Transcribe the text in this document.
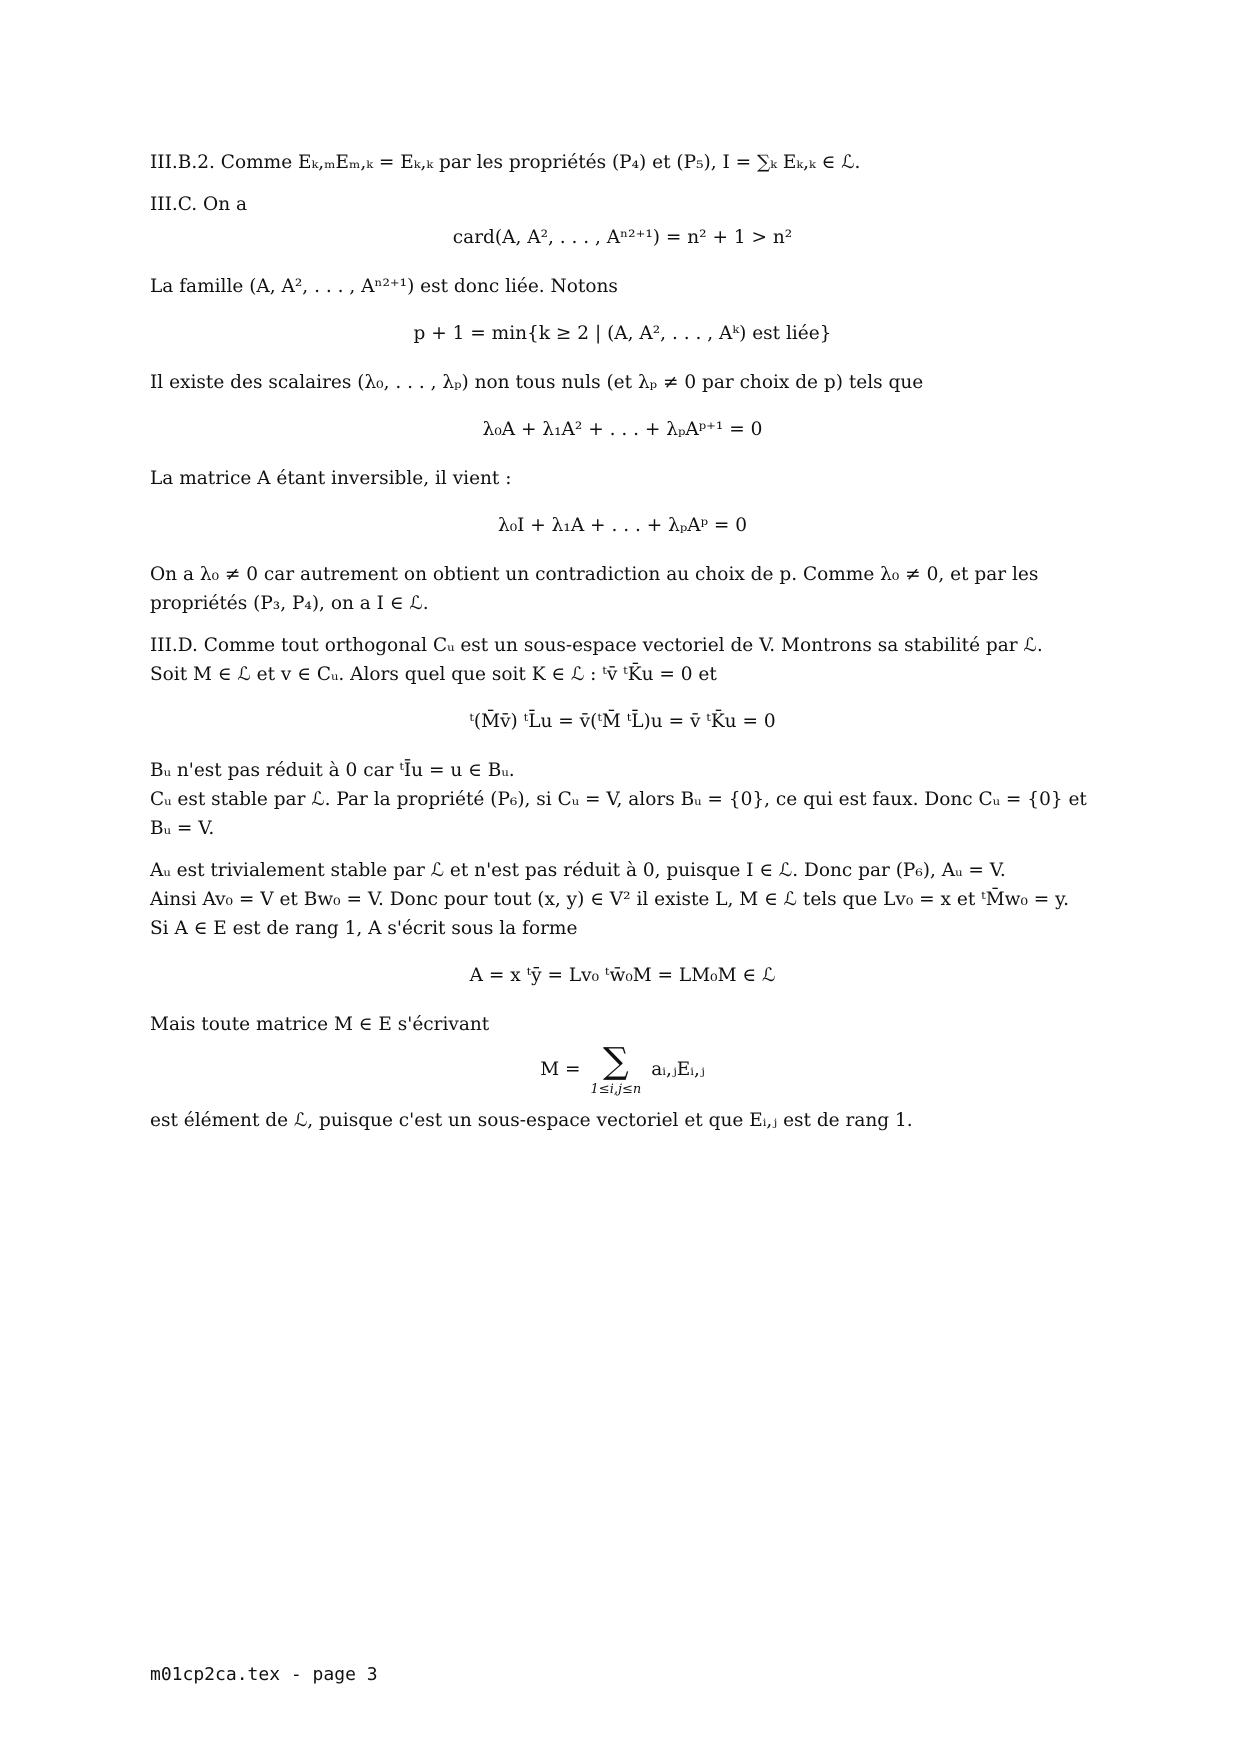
III.B.2. Comme Eₖ,ₘEₘ,ₖ = Eₖ,ₖ par les propriétés (P₄) et (P₅), I = ∑ₖ Eₖ,ₖ ∈ ℒ.

III.C. On a

card(A, A², . . . , Aⁿ²⁺¹) = n² + 1 > n²

La famille (A, A², . . . , Aⁿ²⁺¹) est donc liée. Notons

p + 1 = min{k ≥ 2 | (A, A², . . . , Aᵏ) est liée}

Il existe des scalaires (λ₀, . . . , λₚ) non tous nuls (et λₚ ≠ 0 par choix de p) tels que

λ₀A + λ₁A² + . . . + λₚAᵖ⁺¹ = 0

La matrice A étant inversible, il vient :

λ₀I + λ₁A + . . . + λₚAᵖ = 0

On a λ₀ ≠ 0 car autrement on obtient un contradiction au choix de p. Comme λ₀ ≠ 0, et par les propriétés (P₃, P₄), on a I ∈ ℒ.

III.D. Comme tout orthogonal Cᵤ est un sous-espace vectoriel de V. Montrons sa stabilité par ℒ.

Soit M ∈ ℒ et v ∈ Cᵤ. Alors quel que soit K ∈ ℒ : ᵗv̄ ᵗK̄u = 0 et

ᵗ(M̄v̄) ᵗL̄u = v̄(ᵗM̄ ᵗL̄)u = v̄ ᵗK̄u = 0

Bᵤ n'est pas réduit à 0 car ᵗĪu = u ∈ Bᵤ.

Cᵤ est stable par ℒ. Par la propriété (P₆), si Cᵤ = V, alors Bᵤ = {0}, ce qui est faux. Donc Cᵤ = {0} et Bᵤ = V.

Aᵤ est trivialement stable par ℒ et n'est pas réduit à 0, puisque I ∈ ℒ. Donc par (P₆), Aᵤ = V.

Ainsi Av₀ = V et Bw₀ = V. Donc pour tout (x, y) ∈ V² il existe L, M ∈ ℒ tels que Lv₀ = x et ᵗM̄w₀ = y.

Si A ∈ E est de rang 1, A s'écrit sous la forme

A = x ᵗȳ = Lv₀ ᵗw̄₀M = LM₀M ∈ ℒ

Mais toute matrice M ∈ E s'écrivant

M = ∑
1≤i,j≤n
aᵢ,ⱼEᵢ,ⱼ

est élément de ℒ, puisque c'est un sous-espace vectoriel et que Eᵢ,ⱼ est de rang 1.

m01cp2ca.tex - page 3
